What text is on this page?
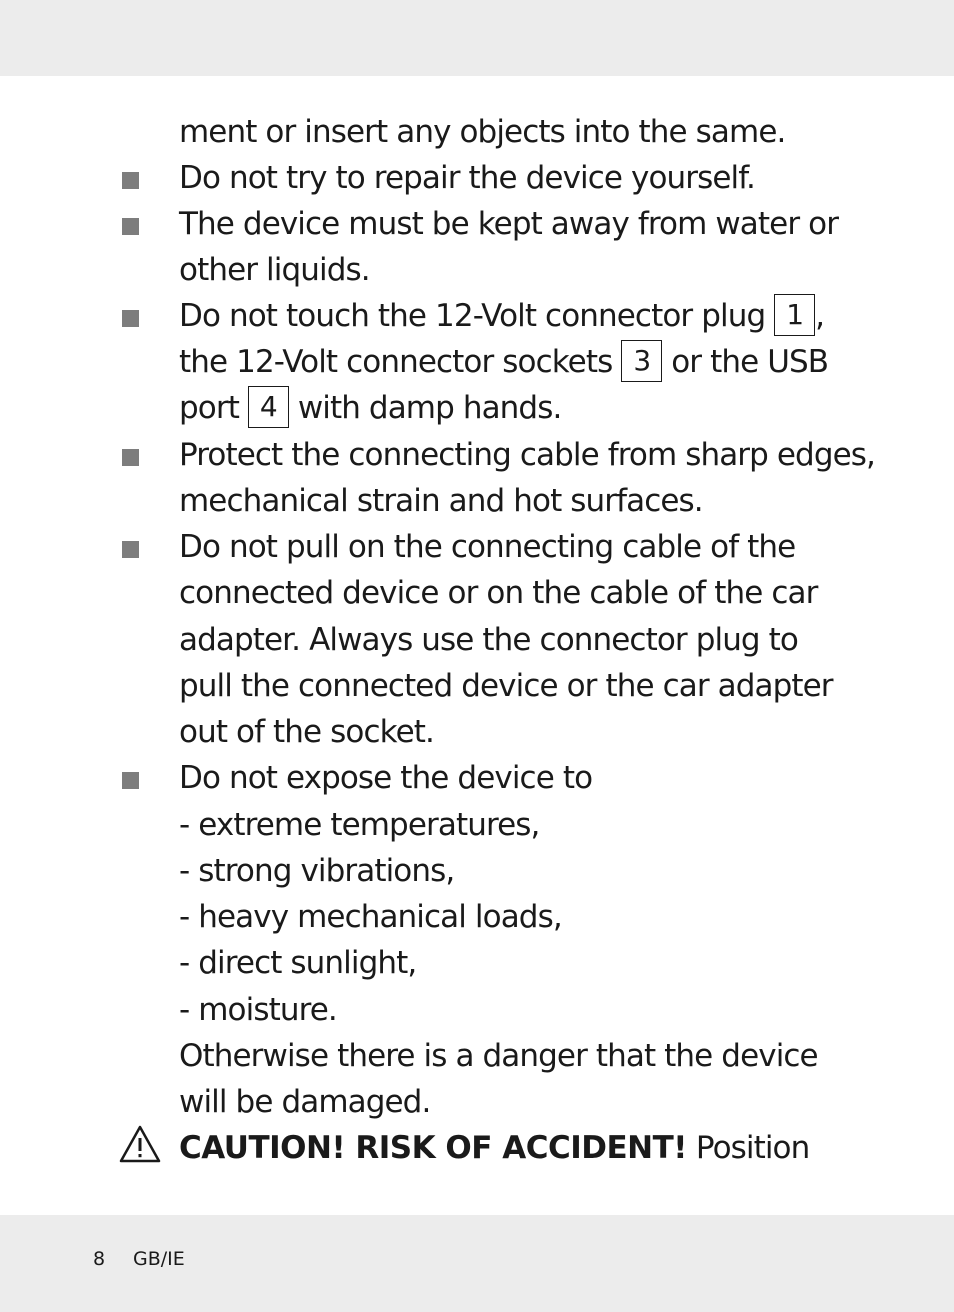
ment or insert any objects into the same.
Do not try to repair the device yourself.
The device must be kept away from water or
other liquids.
Do not touch the 12-Volt connector plug 1 ,
the 12-Volt connector sockets 3 or the USB
port 4 with damp hands.
Protect the connecting cable from sharp edges,
mechanical strain and hot surfaces.
Do not pull on the connecting cable of the
connected device or on the cable of the car
adapter. Always use the connector plug to
pull the connected device or the car adapter
out of the socket.
Do not expose the device to
- extreme temperatures,
- strong vibrations,
- heavy mechanical loads,
- direct sunlight,
- moisture.
Otherwise there is a danger that the device
will be damaged.
CAUTION! RISK OF ACCIDENT! Position
8 GB/IE
